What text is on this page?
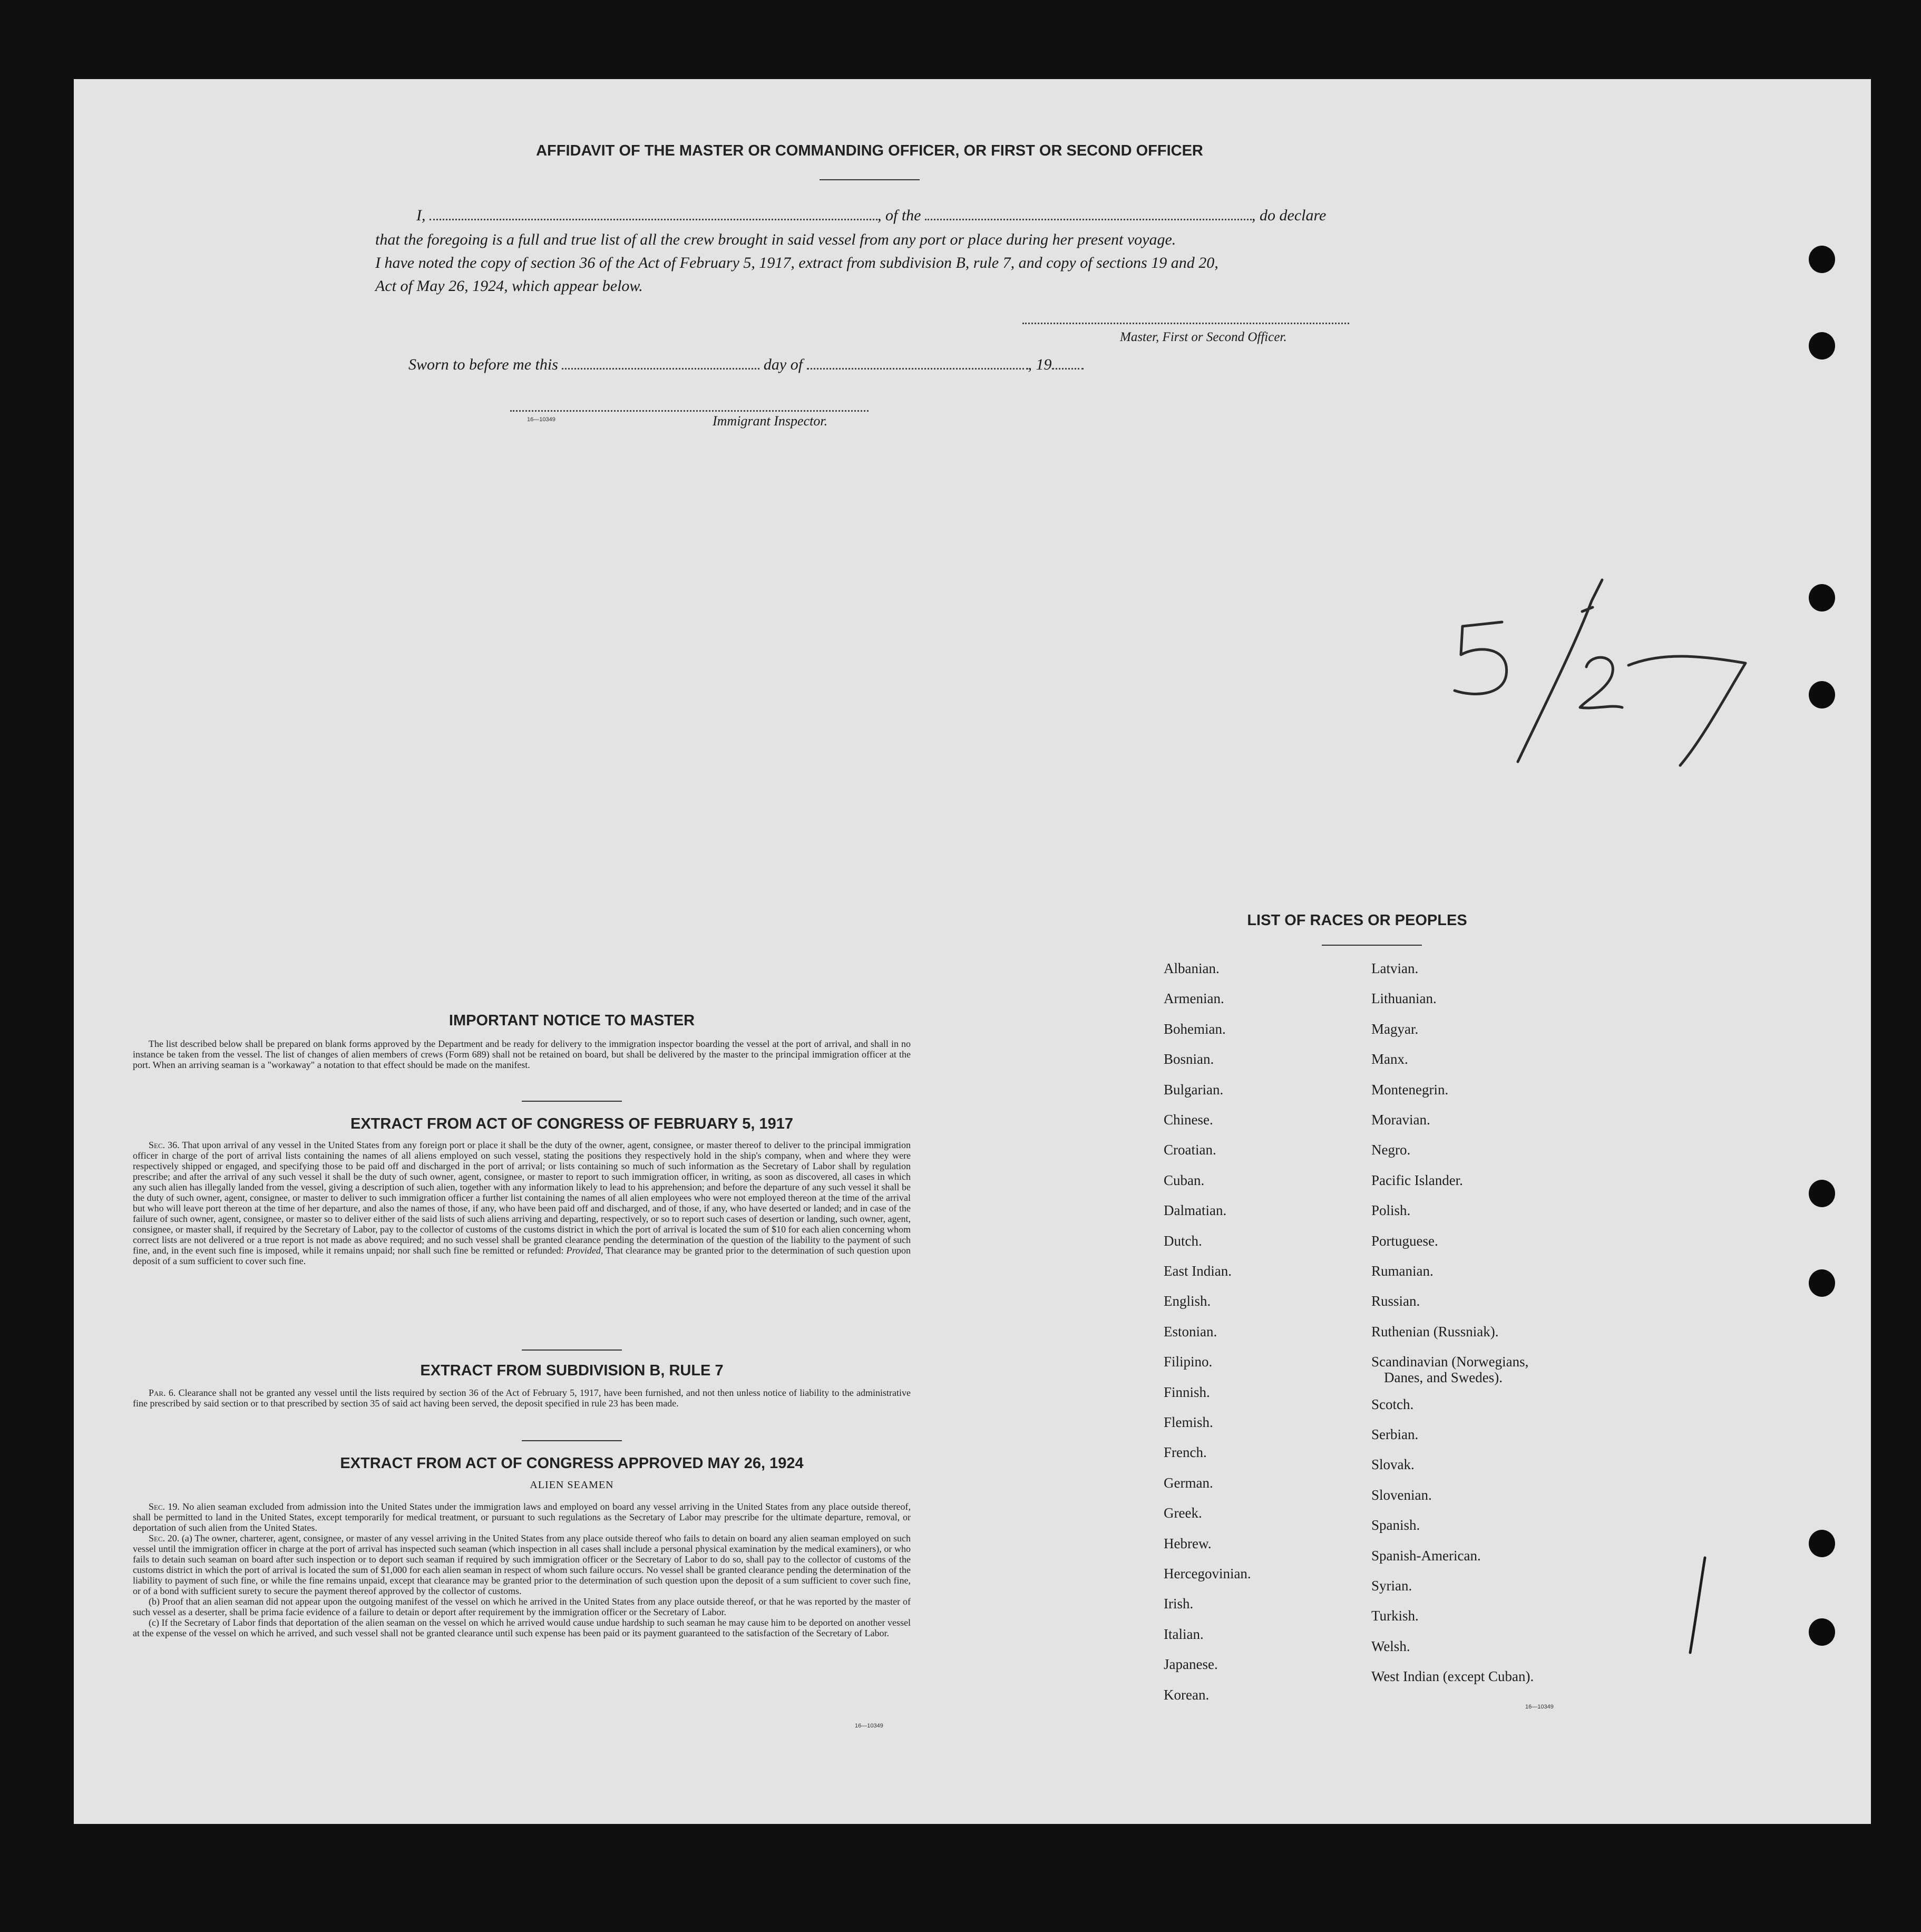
AFFIDAVIT OF THE MASTER OR COMMANDING OFFICER, OR FIRST OR SECOND OFFICER
I,	, of the	, do declare
that the foregoing is a full and true list of all the crew brought in said vessel from any port or place during her present voyage.
I have noted the copy of section 36 of the Act of February 5, 1917, extract from subdivision B, rule 7, and copy of sections 19 and 20,
Act of May 26, 1924, which appear below.
Master, First or Second Officer.
Sworn to before me this	day of	, 19
16—10349	Immigrant Inspector.
IMPORTANT NOTICE TO MASTER

The list described below shall be prepared on blank forms approved by the Department and be ready for delivery to the immigration inspector boarding the vessel at the port of arrival, and shall in no instance be taken from the vessel. The list of changes of alien members of crews (Form 689) shall not be retained on board, but shall be delivered by the master to the principal immigration officer at the port. When an arriving seaman is a "workaway" a notation to that effect should be made on the manifest.

EXTRACT FROM ACT OF CONGRESS OF FEBRUARY 5, 1917

Sec. 36. That upon arrival of any vessel in the United States from any foreign port or place it shall be the duty of the owner, agent, consignee, or master thereof to deliver to the principal immigration officer in charge of the port of arrival lists containing the names of all aliens employed on such vessel, stating the positions they respectively hold in the ship's company, when and where they were respectively shipped or engaged, and specifying those to be paid off and discharged in the port of arrival; or lists containing so much of such information as the Secretary of Labor shall by regulation prescribe; and after the arrival of any such vessel it shall be the duty of such owner, agent, consignee, or master to report to such immigration officer, in writing, as soon as discovered, all cases in which any such alien has illegally landed from the vessel, giving a description of such alien, together with any information likely to lead to his apprehension; and before the departure of any such vessel it shall be the duty of such owner, agent, consignee, or master to deliver to such immigration officer a further list containing the names of all alien employees who were not employed thereon at the time of the arrival but who will leave port thereon at the time of her departure, and also the names of those, if any, who have been paid off and discharged, and of those, if any, who have deserted or landed; and in case of the failure of such owner, agent, consignee, or master so to deliver either of the said lists of such aliens arriving and departing, respectively, or so to report such cases of desertion or landing, such owner, agent, consignee, or master shall, if required by the Secretary of Labor, pay to the collector of customs of the customs district in which the port of arrival is located the sum of $10 for each alien concerning whom correct lists are not delivered or a true report is not made as above required; and no such vessel shall be granted clearance pending the determination of the question of the liability to the payment of such fine, and, in the event such fine is imposed, while it remains unpaid; nor shall such fine be remitted or refunded: Provided, That clearance may be granted prior to the determination of such question upon deposit of a sum sufficient to cover such fine.

EXTRACT FROM SUBDIVISION B, RULE 7

Par. 6. Clearance shall not be granted any vessel until the lists required by section 36 of the Act of February 5, 1917, have been furnished, and not then unless notice of liability to the administrative fine prescribed by said section or to that prescribed by section 35 of said act having been served, the deposit specified in rule 23 has been made.

EXTRACT FROM ACT OF CONGRESS APPROVED MAY 26, 1924
ALIEN SEAMEN

Sec. 19. No alien seaman excluded from admission into the United States under the immigration laws and employed on board any vessel arriving in the United States from any place outside thereof, shall be permitted to land in the United States, except temporarily for medical treatment, or pursuant to such regulations as the Secretary of Labor may prescribe for the ultimate departure, removal, or deportation of such alien from the United States.

Sec. 20. (a) The owner, charterer, agent, consignee, or master of any vessel arriving in the United States from any place outside thereof who fails to detain on board any alien seaman employed on such vessel until the immigration officer in charge at the port of arrival has inspected such seaman (which inspection in all cases shall include a personal physical examination by the medical examiners), or who fails to detain such seaman on board after such inspection or to deport such seaman if required by such immigration officer or the Secretary of Labor to do so, shall pay to the collector of customs of the customs district in which the port of arrival is located the sum of $1,000 for each alien seaman in respect of whom such failure occurs. No vessel shall be granted clearance pending the determination of the liability to payment of such fine, or while the fine remains unpaid, except that clearance may be granted prior to the determination of such question upon the deposit of a sum sufficient to cover such fine, or of a bond with sufficient surety to secure the payment thereof approved by the collector of customs.

(b) Proof that an alien seaman did not appear upon the outgoing manifest of the vessel on which he arrived in the United States from any place outside thereof, or that he was reported by the master of such vessel as a deserter, shall be prima facie evidence of a failure to detain or deport after requirement by the immigration officer or the Secretary of Labor.

(c) If the Secretary of Labor finds that deportation of the alien seaman on the vessel on which he arrived would cause undue hardship to such seaman he may cause him to be deported on another vessel at the expense of the vessel on which he arrived, and such vessel shall not be granted clearance until such expense has been paid or its payment guaranteed to the satisfaction of the Secretary of Labor.

16—10349
LIST OF RACES OR PEOPLES
Albanian.
Armenian.
Bohemian.
Bosnian.
Bulgarian.
Chinese.
Croatian.
Cuban.
Dalmatian.
Dutch.
East Indian.
English.
Estonian.
Filipino.
Finnish.
Flemish.
French.
German.
Greek.
Hebrew.
Hercegovinian.
Irish.
Italian.
Japanese.
Korean.
Latvian.
Lithuanian.
Magyar.
Manx.
Montenegrin.
Moravian.
Negro.
Pacific Islander.
Polish.
Portuguese.
Rumanian.
Russian.
Ruthenian (Russniak).
Scandinavian (Norwegians,
Danes, and Swedes).
Scotch.
Serbian.
Slovak.
Slovenian.
Spanish.
Spanish-American.
Syrian.
Turkish.
Welsh.
West Indian (except Cuban).
16—10349
